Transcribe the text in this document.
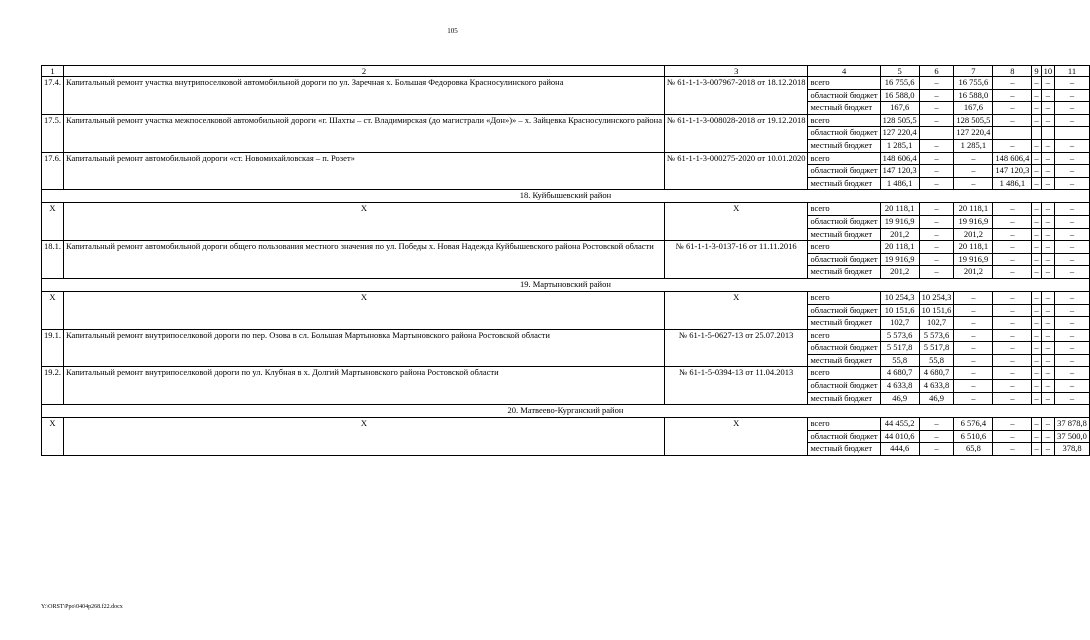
105
1	2	3	4	5	6	7	8	9	10	11
17.4.	Капитальный ремонт участка внутрипоселковой автомобильной дороги по ул. Заречная х. Большая Федоровка Красносулинского района	№ 61-1-1-3-007967-2018 от 18.12.2018	всего	16 755,6	–	16 755,6	–	–	–	–
			областной бюджет	16 588,0	–	16 588,0	–	–	–	–
			местный бюджет	167,6	–	167,6	–	–	–	–
17.5.	Капитальный ремонт участка межпоселковой автомобильной дороги «г. Шахты – ст. Владимирская (до магистрали «Дон»)» – х. Зайцевка Красносулинского района	№ 61-1-1-3-008028-2018 от 19.12.2018	всего	128 505,5	–	128 505,5	–	–	–	–
			областной бюджет	127 220,4		127 220,4				
			местный бюджет	1 285,1	–	1 285,1	–	–	–	–
17.6.	Капитальный ремонт автомобильной дороги «ст. Новомихайловская – п. Розет»	№ 61-1-1-3-000275-2020 от 10.01.2020	всего	148 606,4	–	–	148 606,4	–	–	–
			областной бюджет	147 120,3	–	–	147 120,3	–	–	–
			местный бюджет	1 486,1	–	–	1 486,1	–	–	–
18. Куйбышевский район										
Х	Х	Х	всего	20 118,1	–	20 118,1	–	–	–	–
			областной бюджет	19 916,9	–	19 916,9	–	–	–	–
			местный бюджет	201,2	–	201,2	–	–	–	–
18.1.	Капитальный ремонт автомобильной дороги общего пользования местного значения по ул. Победы х. Новая Надежда Куйбышевского района Ростовской области	№ 61-1-1-3-0137-16 от 11.11.2016	всего	20 118,1	–	20 118,1	–	–	–	–
			областной бюджет	19 916,9	–	19 916,9	–	–	–	–
			местный бюджет	201,2	–	201,2	–	–	–	–
19. Мартыновский район										
Х	Х	Х	всего	10 254,3	10 254,3	–	–	–	–	–
			областной бюджет	10 151,6	10 151,6	–	–	–	–	–
			местный бюджет	102,7	102,7	–	–	–	–	–
19.1.	Капитальный ремонт внутрипоселковой дороги по пер. Озова в сл. Большая Мартыновка Мартыновского района Ростовской области	№ 61-1-5-0627-13 от 25.07.2013	всего	5 573,6	5 573,6	–	–	–	–	–
			областной бюджет	5 517,8	5 517,8	–	–	–	–	–
			местный бюджет	55,8	55,8	–	–	–	–	–
19.2.	Капитальный ремонт внутрипоселковой дороги по ул. Клубная в х. Долгий Мартыновского района Ростовской области	№ 61-1-5-0394-13 от 11.04.2013	всего	4 680,7	4 680,7	–	–	–	–	–
			областной бюджет	4 633,8	4 633,8	–	–	–	–	–
			местный бюджет	46,9	46,9	–	–	–	–	–
20. Матвеево-Курганский район										
Х	Х	Х	всего	44 455,2	–	6 576,4	–	–	–	37 878,8
			областной бюджет	44 010,6	–	6 510,6	–	–	–	37 500,0
			местный бюджет	444,6	–	65,8	–	–	–	378,8
Y:\ORST\Ppo\0404p268.f22.docx
